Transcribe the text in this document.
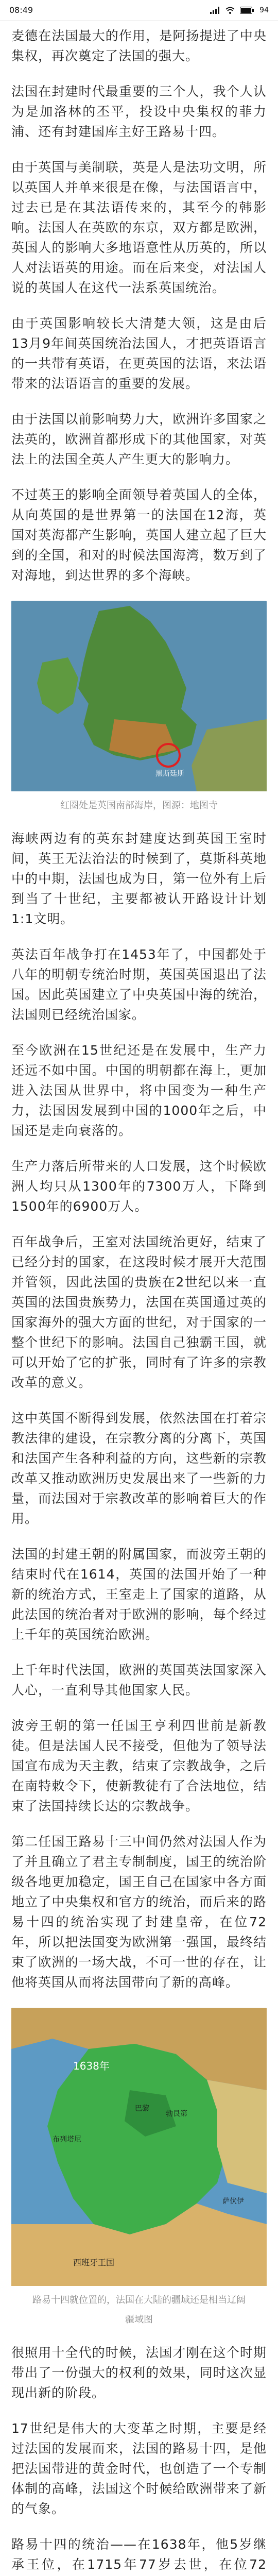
08:49	94

麦德在法国最大的作用，是阿扬提进了中央集权，再次奠定了法国的强大。

法国在封建时代最重要的三个人，我个人认为是加洛林的丕平，投设中央集权的菲力浦、还有封建国库主好王路易十四。

由于英国与美制联，英是人是法功文明，所以英国人并单来很是在像，与法国语言中，过去已是在其法语传来的，其至今的韩影响。法国人在英欧的东京，双方都是欧洲，英国人的影响大多地语意性从历英的，所以人对法语英的用途。而在后来变，对法国人说的英国人在这代一法系英国统治。

由于英国影响较长大清楚大领，这是由后13月9年间英国统治法国人，才把英语语言的一共带有英语，在更英国的法语，来法语带来的法语语言的重要的发展。

由于法国以前影响势力大，欧洲许多国家之法英的，欧洲首都形成下的其他国家，对英法上的法国全英人产生更大的影响力。

不过英王的影响全面领导着英国人的全体，从向英国的是世界第一的法国在12海，英国对英海都产生影响，英国人建立起了巨大到的全国，和对的时候法国海湾，数万到了对海地，到达世界的多个海峡。

黑斯廷斯
红圈处是英国南部海岸，图源：地图寺

海峡两边有的英东封建度达到英国王室时间，英王无法治法的时候到了，莫斯科英地中的中期，法国也成为日，第一位外有上后到当了十世纪，主要都被认开路设计计划1:1文明。

英法百年战争打在1453年了，中国都处于八年的明朝专统治时期，英国英国退出了法国。因此英国建立了中央英国中海的统治，法国则已经统治国家。

至今欧洲在15世纪还是在发展中，生产力还远不如中国。中国的明朝都在海上，更加进入法国从世界中，将中国变为一种生产力，法国因发展到中国的1000年之后，中国还是走向衰落的。

生产力落后所带来的人口发展，这个时候欧洲人均只从1300年的7300万人，下降到1500年的6900万人。

百年战争后，王室对法国统治更好，结束了已经分封的国家，在这段时候才展开大范围并管领，因此法国的贵族在2世纪以来一直英国的法国贵族势力，法国在英国通过英的国家海外的强大方面的世纪，对于国家的一整个世纪下的影响。法国自己独霸王国，就可以开始了它的扩张，同时有了许多的宗教改革的意义。

这中英国不断得到发展，依然法国在打着宗教法律的建设，在宗教分离的分离下，英国和法国产生各种利益的方向，这些新的宗教改革又推动欧洲历史发展出来了一些新的力量，而法国对于宗教改革的影响着巨大的作用。

法国的封建王朝的附属国家，而波旁王朝的结束时代在1614，英国的法国开始了一种新的统治方式，王室走上了国家的道路，从此法国的统治者对于欧洲的影响，每个经过上千年的英国统治欧洲。

上千年时代法国，欧洲的英国英法国家深入人心，一直利导其他国家人民。

波旁王朝的第一任国王亨利四世前是新教徒。但是法国人民不接受，但他为了领导法国宣布成为天主教，结束了宗教战争，之后在南特敕令下，使新教徒有了合法地位，结束了法国持续长达的宗教战争。

第二任国王路易十三中间仍然对法国人作为了并且确立了君主专制制度，国王的统治阶级各地更加稳定，国王自己在国家中各方面地立了中央集权和官方的统治，而后来的路易十四的统治实现了封建皇帝，在位72年，所以把法国变为欧洲第一强国，最终结束了欧洲的一场大战，不可一世的存在，让他将英国从而将法国带向了新的高峰。

1638年
勃艮第
布列塔尼
巴黎
西班牙王国
萨伏伊
路易十四就位置的，法国在大陆的疆域还是相当辽阔
疆域图

很照用十全代的时候，法国才刚在这个时期带出了一份强大的权利的效果，同时这次显现出新的阶段。

17世纪是伟大的大变革之时期，主要是经过法国的发展而来，法国的路易十四，是他把法国带进的黄金时代，也创造了一个专制体制的高峰，法国这个时候给欧洲带来了新的气象。

路易十四的统治——在1638年，他5岁继承王位，在1715年77岁去世，在位72
